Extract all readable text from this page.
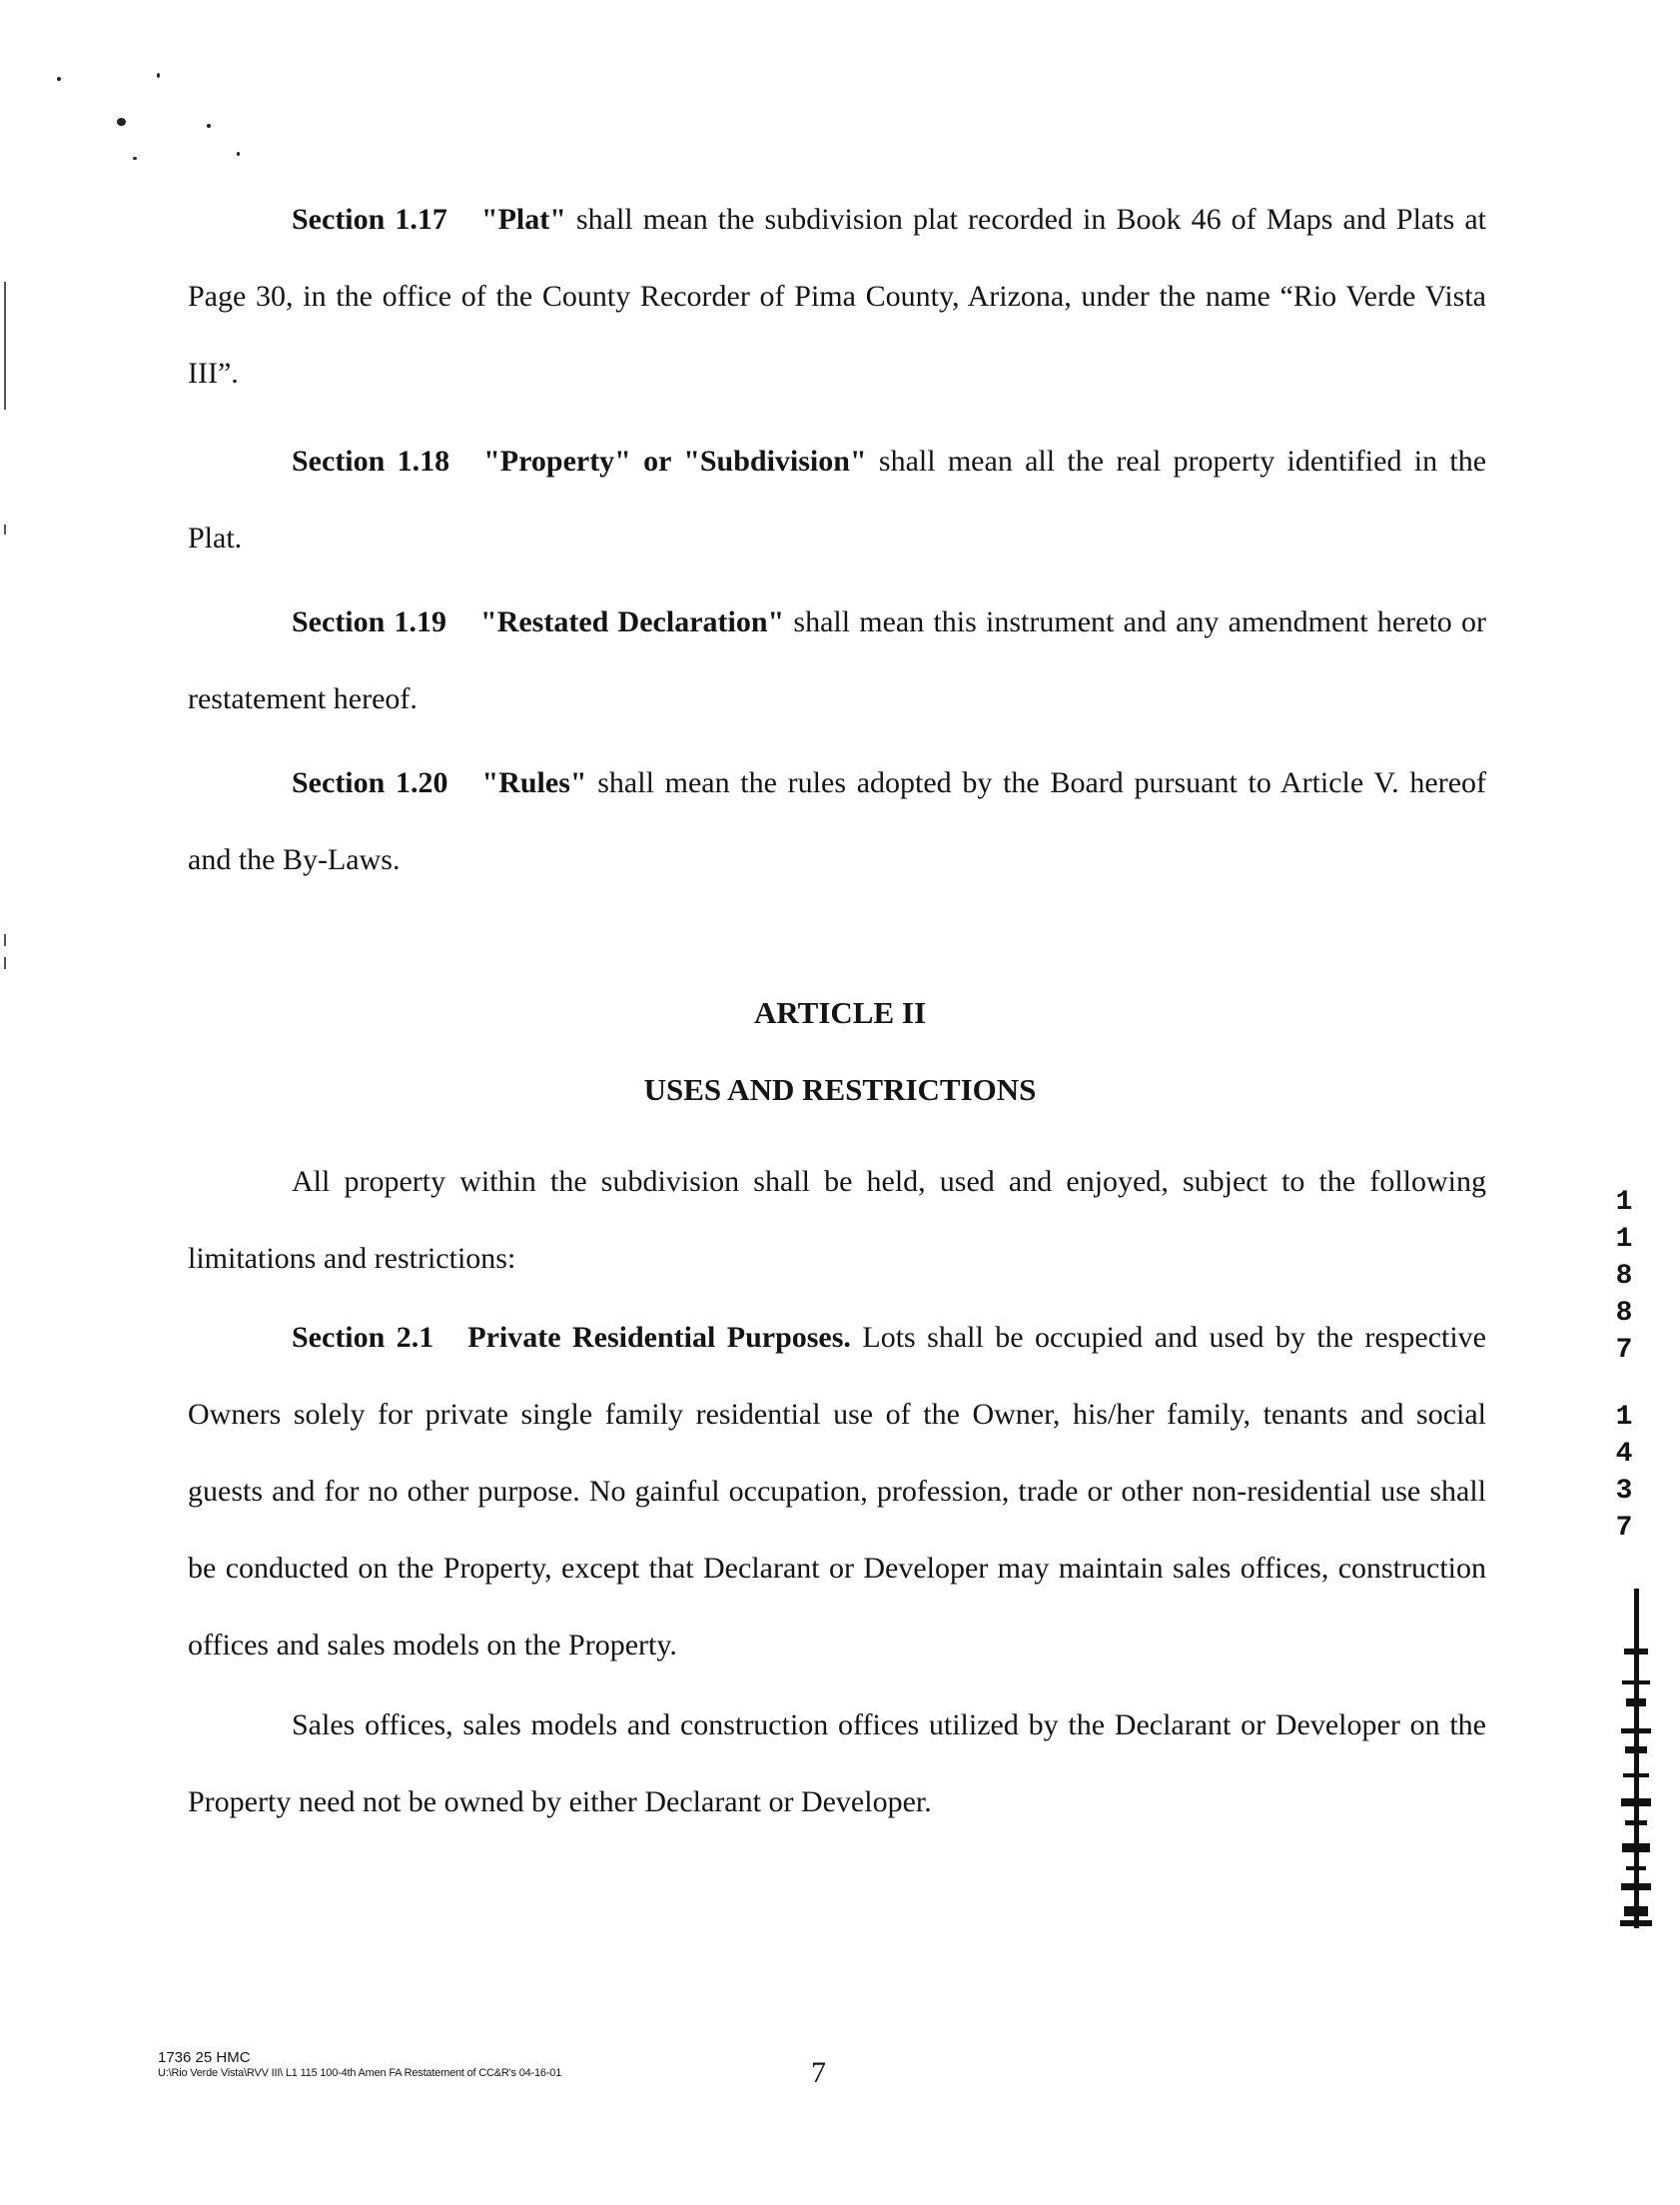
Section 1.17 "Plat" shall mean the subdivision plat recorded in Book 46 of Maps and Plats at Page 30, in the office of the County Recorder of Pima County, Arizona, under the name “Rio Verde Vista III”.

Section 1.18 "Property" or "Subdivision" shall mean all the real property identified in the Plat.

Section 1.19 "Restated Declaration" shall mean this instrument and any amendment hereto or restatement hereof.

Section 1.20 "Rules" shall mean the rules adopted by the Board pursuant to Article V. hereof and the By-Laws.

ARTICLE II
USES AND RESTRICTIONS

All property within the subdivision shall be held, used and enjoyed, subject to the following limitations and restrictions:

Section 2.1 Private Residential Purposes. Lots shall be occupied and used by the respective Owners solely for private single family residential use of the Owner, his/her family, tenants and social guests and for no other purpose. No gainful occupation, profession, trade or other non-residential use shall be conducted on the Property, except that Declarant or Developer may maintain sales offices, construction offices and sales models on the Property.

Sales offices, sales models and construction offices utilized by the Declarant or Developer on the Property need not be owned by either Declarant or Developer.

1
1
8
8
7
1
4
3
7
1736 25 HMC
U:\Rio Verde Vista\RVV III\ L1 115 100-4th Amen FA Restatement of CC&R's 04-16-01	7
